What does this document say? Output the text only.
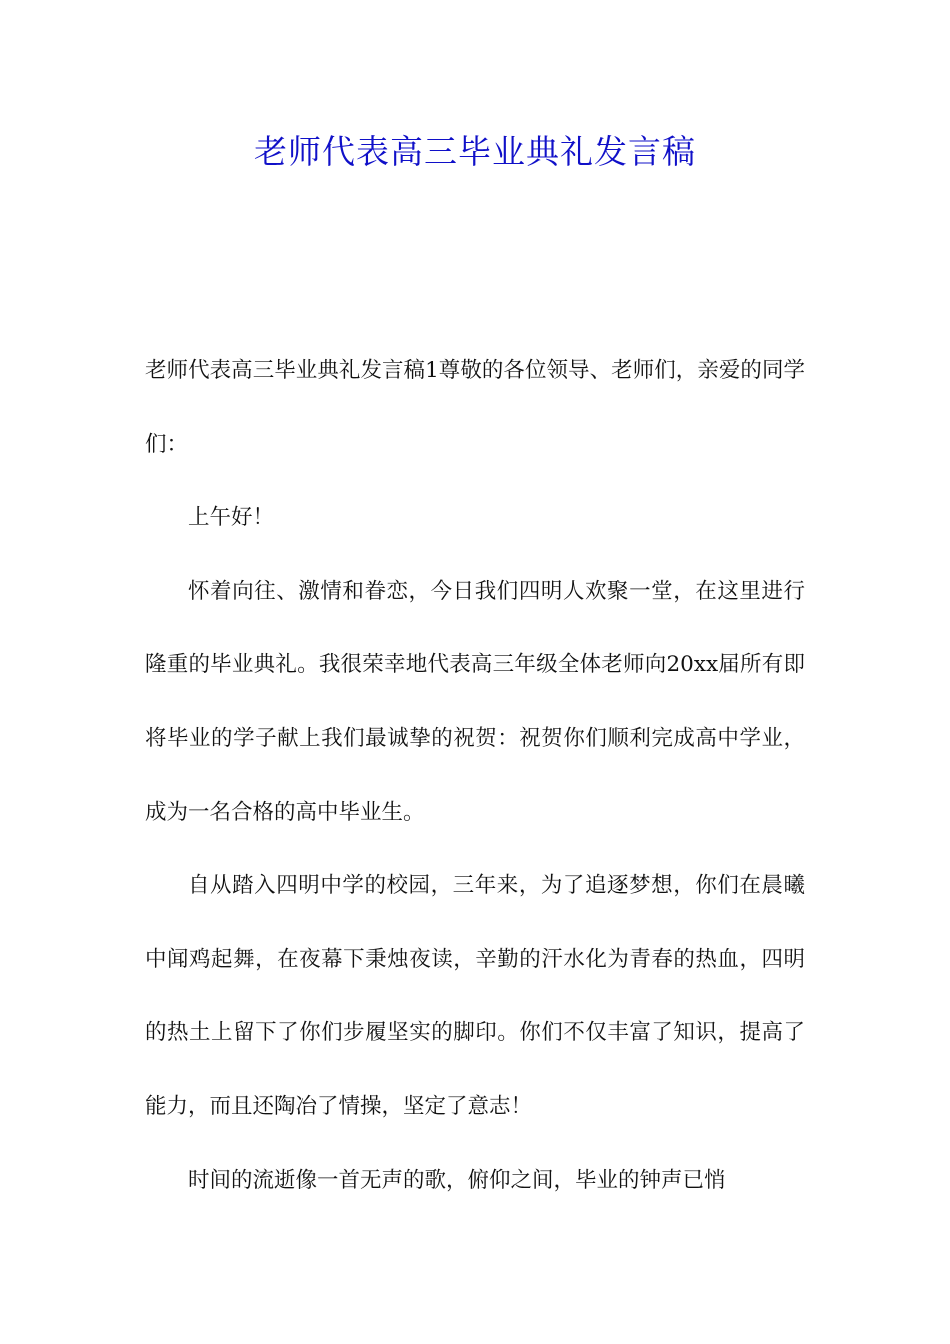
老师代表高三毕业典礼发言稿

老师代表高三毕业典礼发言稿1尊敬的各位领导、老师们，亲爱的同学们：

上午好！

怀着向往、激情和眷恋，今日我们四明人欢聚一堂，在这里进行隆重的毕业典礼。我很荣幸地代表高三年级全体老师向20xx届所有即将毕业的学子献上我们最诚挚的祝贺：祝贺你们顺利完成高中学业，成为一名合格的高中毕业生。

自从踏入四明中学的校园，三年来，为了追逐梦想，你们在晨曦中闻鸡起舞，在夜幕下秉烛夜读，辛勤的汗水化为青春的热血，四明的热土上留下了你们步履坚实的脚印。你们不仅丰富了知识，提高了能力，而且还陶冶了情操，坚定了意志！

时间的流逝像一首无声的歌，俯仰之间，毕业的钟声已悄
